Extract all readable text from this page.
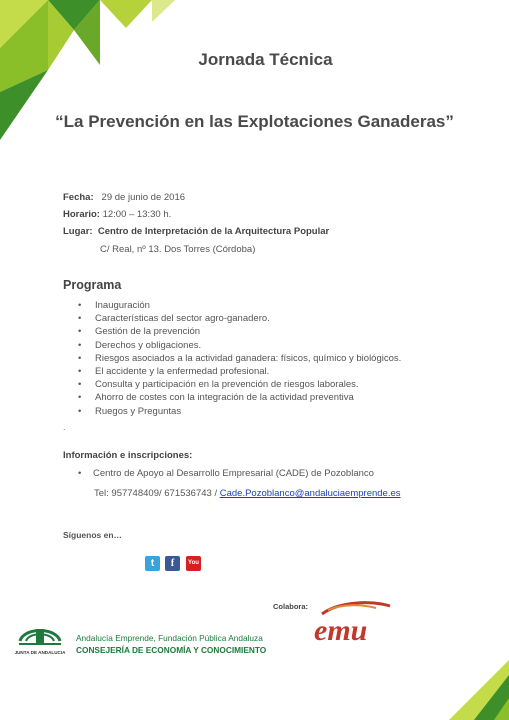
Jornada Técnica
“La Prevención en las Explotaciones Ganaderas”
Fecha: 29 de junio de 2016
Horario: 12:00 – 13:30 h.
Lugar: Centro de Interpretación de la Arquitectura Popular
C/ Real, nº 13. Dos Torres (Córdoba)
Programa
• Inauguración
• Características del sector agro-ganadero.
• Gestión de la prevención
• Derechos y obligaciones.
• Riesgos asociados a la actividad ganadera: físicos, químico y biológicos.
• El accidente y la enfermedad profesional.
• Consulta y participación en la prevención de riesgos laborales.
• Ahorro de costes con la integración de la actividad preventiva
• Ruegos y Preguntas
.
Información e inscripciones:
• Centro de Apoyo al Desarrollo Empresarial (CADE) de Pozoblanco
Tel: 957748409/ 671536743 / Cade.Pozoblanco@andaluciaemprende.es
Síguenos en…
t	f	You
Colabora:
emu
JUNTA DE ANDALUCIA
Andalucía Emprende, Fundación Pública Andaluza
CONSEJERÍA DE ECONOMÍA Y CONOCIMIENTO
